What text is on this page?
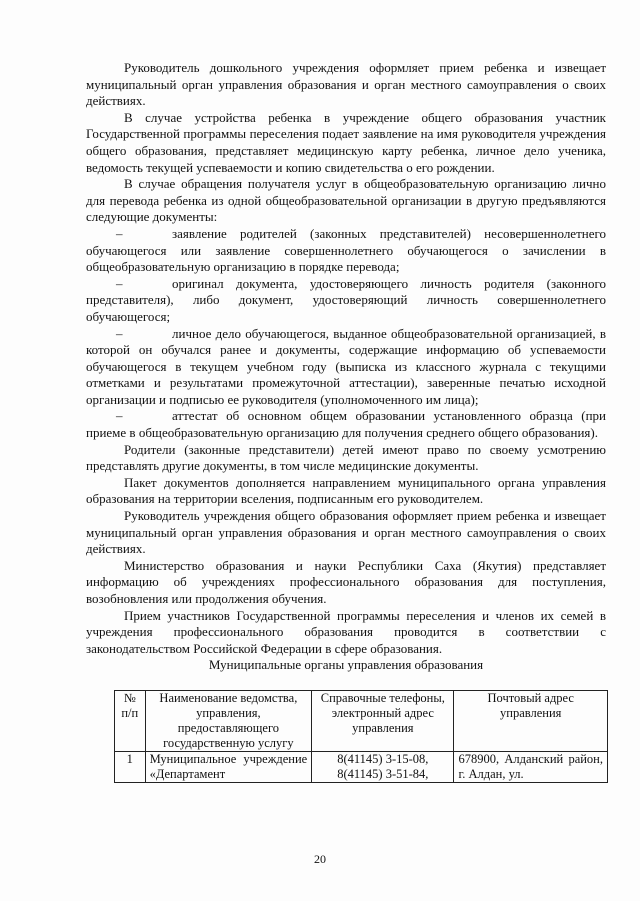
Руководитель дошкольного учреждения оформляет прием ребенка и извещает муниципальный орган управления образования и орган местного самоуправления о своих действиях.

В случае устройства ребенка в учреждение общего образования участник Государственной программы переселения подает заявление на имя руководителя учреждения общего образования, представляет медицинскую карту ребенка, личное дело ученика, ведомость текущей успеваемости и копию свидетельства о его рождении.

В случае обращения получателя услуг в общеобразовательную организацию лично для перевода ребенка из одной общеобразовательной организации в другую предъявляются следующие документы:

–	заявление родителей (законных представителей) несовершеннолетнего обучающегося или заявление совершеннолетнего обучающегося о зачислении в общеобразовательную организацию в порядке перевода;

–	оригинал документа, удостоверяющего личность родителя (законного представителя), либо документ, удостоверяющий личность совершеннолетнего обучающегося;

–	личное дело обучающегося, выданное общеобразовательной организацией, в которой он обучался ранее и документы, содержащие информацию об успеваемости обучающегося в текущем учебном году (выписка из классного журнала с текущими отметками и результатами промежуточной аттестации), заверенные печатью исходной организации и подписью ее руководителя (уполномоченного им лица);

–	аттестат об основном общем образовании установленного образца (при приеме в общеобразовательную организацию для получения среднего общего образования).

Родители (законные представители) детей имеют право по своему усмотрению представлять другие документы, в том числе медицинские документы.

Пакет документов дополняется направлением муниципального органа управления образования на территории вселения, подписанным его руководителем.

Руководитель учреждения общего образования оформляет прием ребенка и извещает муниципальный орган управления образования и орган местного самоуправления о своих действиях.

Министерство образования и науки Республики Саха (Якутия) представляет информацию об учреждениях профессионального образования для поступления, возобновления или продолжения обучения.

Прием участников Государственной программы переселения и членов их семей в учреждения профессионального образования проводится в соответствии с законодательством Российской Федерации в сфере образования.

Муниципальные органы управления образования

№ п/п	Наименование ведомства, управления, предоставляющего государственную услугу	Справочные телефоны, электронный адрес управления	Почтовый адрес управления
1	Муниципальное учреждение «Департамент	8(41145) 3-15-08, 8(41145) 3-51-84,	678900, Алданский район, г. Алдан, ул.
20
